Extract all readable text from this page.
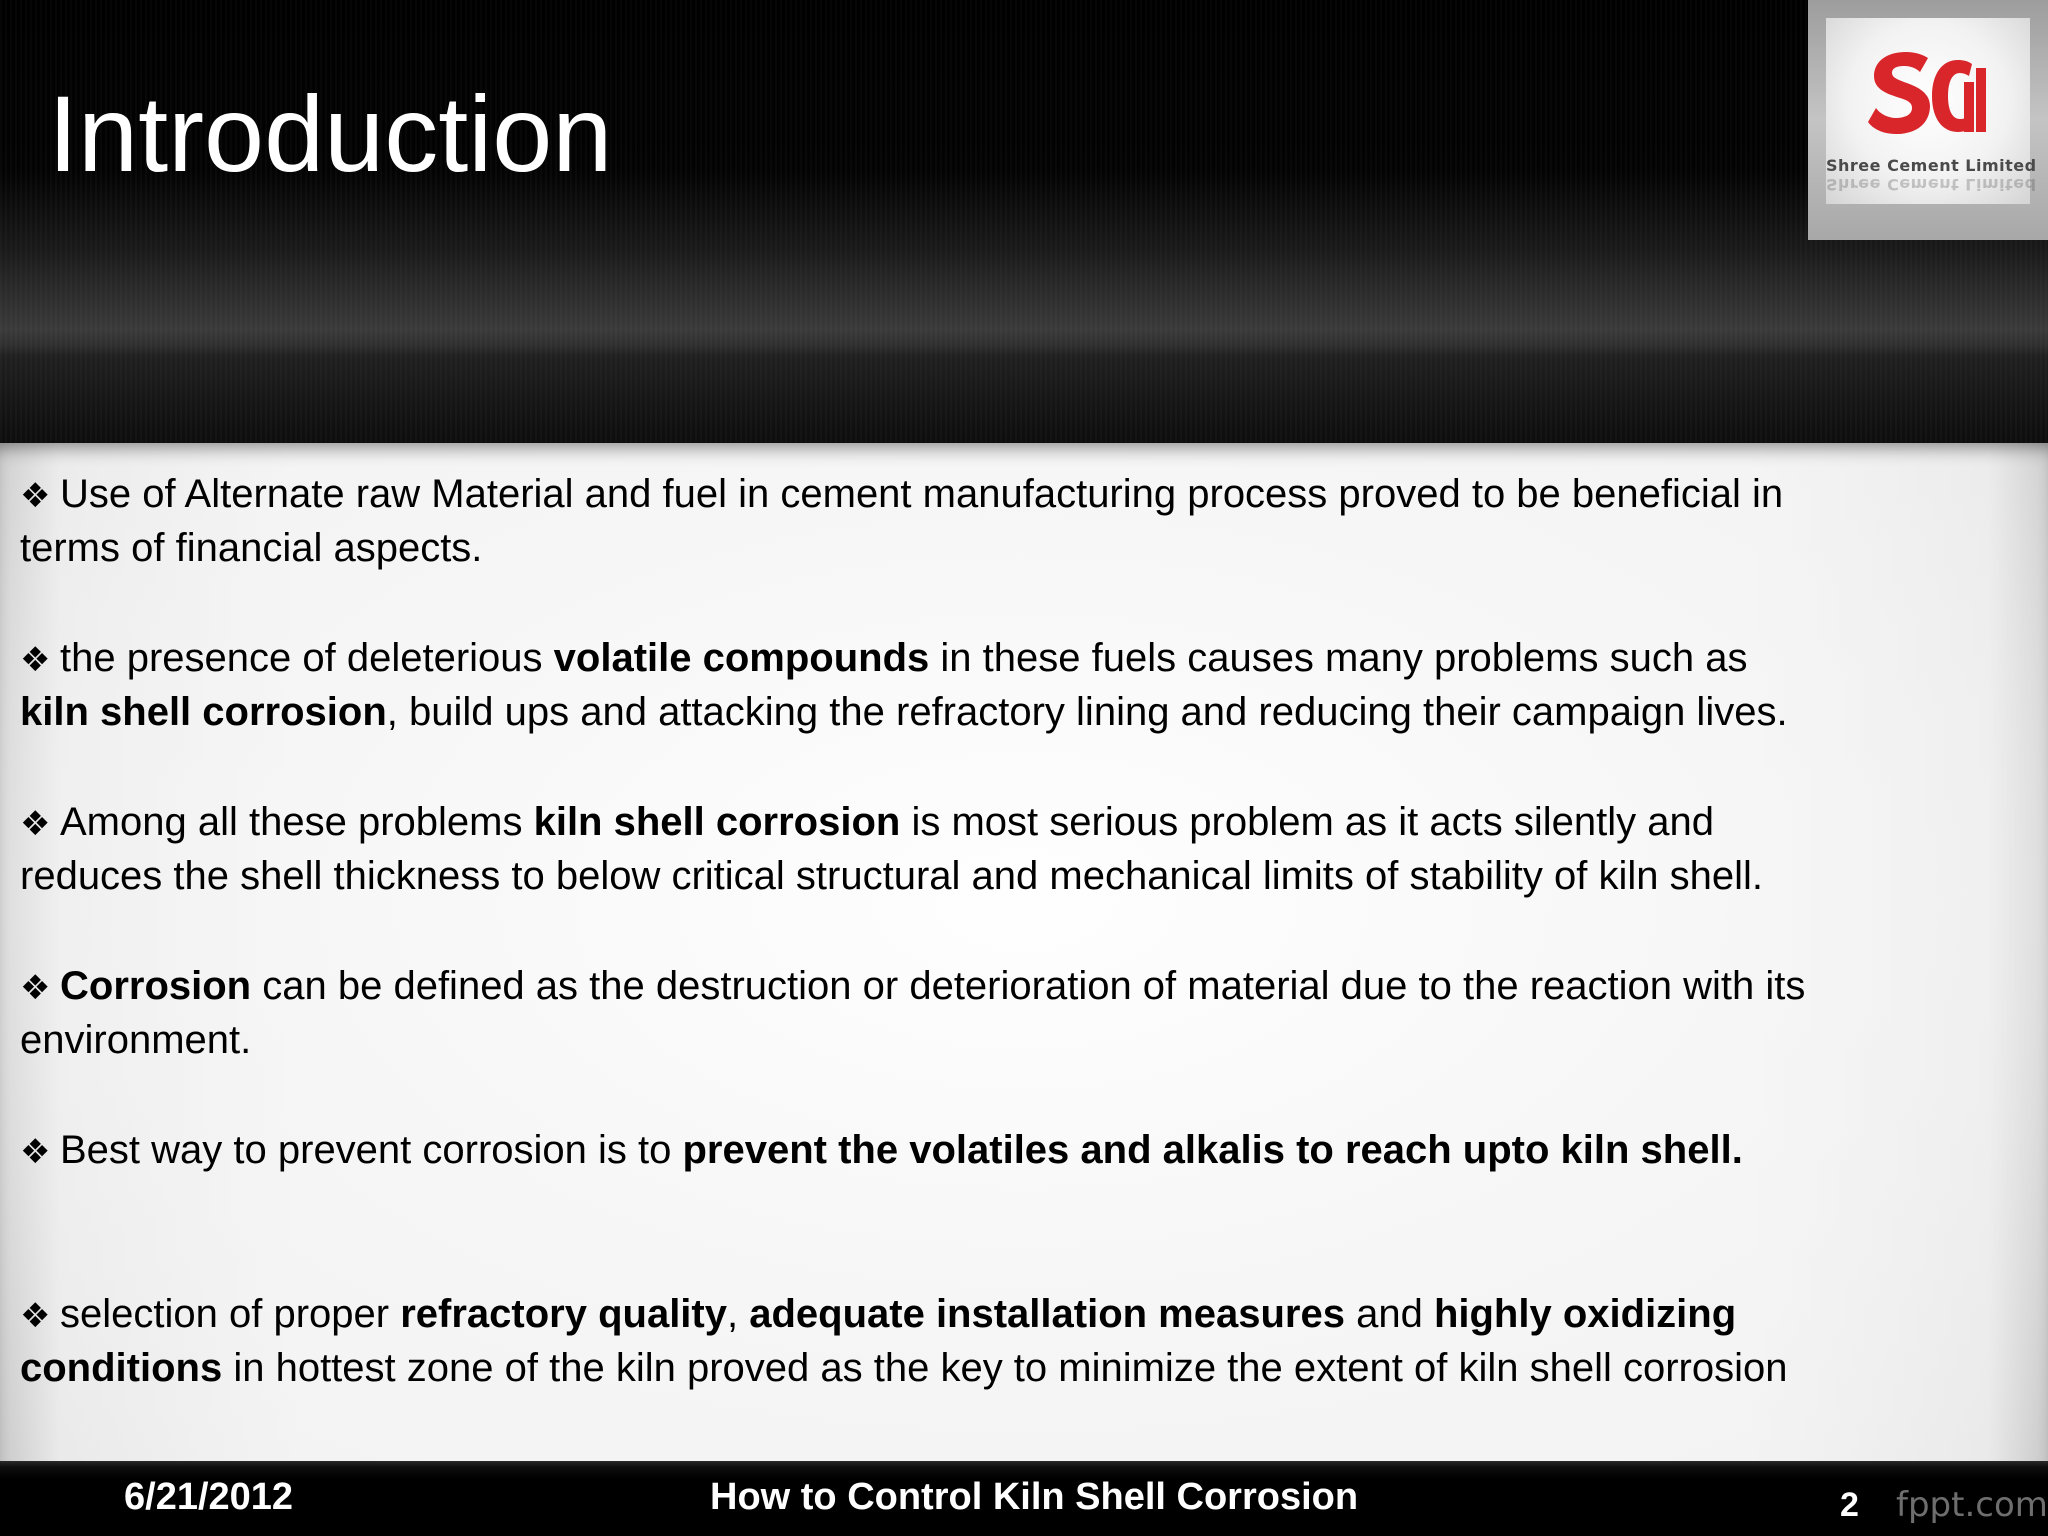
Introduction	Shree Cement Limited
Shree Cement Limited
❖ Use of Alternate raw Material and fuel in cement manufacturing process proved to be beneficial in
terms of financial aspects.
❖ the presence of deleterious volatile compounds in these fuels causes many problems such as
kiln shell corrosion, build ups and attacking the refractory lining and reducing their campaign lives.
❖ Among all these problems kiln shell corrosion is most serious problem as it acts silently and
reduces the shell thickness to below critical structural and mechanical limits of stability of kiln shell.
❖ Corrosion can be defined as the destruction or deterioration of material due to the reaction with its
environment.
❖ Best way to prevent corrosion is to prevent the volatiles and alkalis to reach upto kiln shell.
❖ selection of proper refractory quality, adequate installation measures and highly oxidizing
conditions in hottest zone of the kiln proved as the key to minimize the extent of kiln shell corrosion
6/21/2012	How to Control Kiln Shell Corrosion	2 fppt.com
